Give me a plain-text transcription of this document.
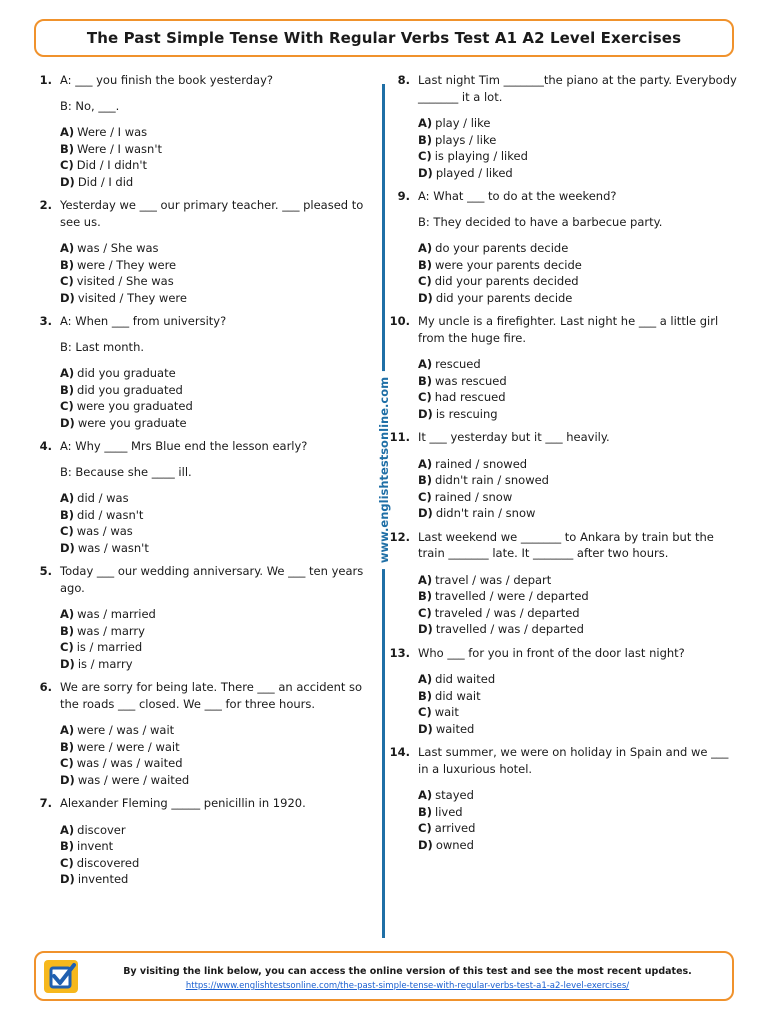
The Past Simple Tense With Regular Verbs Test A1 A2 Level Exercises
1. A: ___ you finish the book yesterday?
B: No, ___.
A) Were / I was
B) Were / I wasn't
C) Did / I didn't
D) Did / I did
2. Yesterday we ___ our primary teacher. ___ pleased to see us.
A) was / She was
B) were / They were
C) visited / She was
D) visited / They were
3. A: When ___ from university?
B: Last month.
A) did you graduate
B) did you graduated
C) were you graduated
D) were you graduate
4. A: Why ____ Mrs Blue end the lesson early?
B: Because she ____ ill.
A) did / was
B) did / wasn't
C) was / was
D) was / wasn't
5. Today ___ our wedding anniversary. We ___ ten years ago.
A) was / married
B) was / marry
C) is / married
D) is / marry
6. We are sorry for being late. There ___ an accident so the roads ___ closed. We ___ for three hours.
A) were / was / wait
B) were / were / wait
C) was / was / waited
D) was / were / waited
7. Alexander Fleming _____ penicillin in 1920.
A) discover
B) invent
C) discovered
D) invented
www.englishtestsonline.com
8. Last night Tim _______the piano at the party. Everybody _______ it a lot.
A) play / like
B) plays / like
C) is playing / liked
D) played / liked
9. A: What ___ to do at the weekend?
B: They decided to have a barbecue party.
A) do your parents decide
B) were your parents decide
C) did your parents decided
D) did your parents decide
10. My uncle is a firefighter. Last night he ___ a little girl from the huge fire.
A) rescued
B) was rescued
C) had rescued
D) is rescuing
11. It ___ yesterday but it ___ heavily.
A) rained / snowed
B) didn't rain / snowed
C) rained / snow
D) didn't rain / snow
12. Last weekend we _______ to Ankara by train but the train _______ late. It _______ after two hours.
A) travel / was / depart
B) travelled / were / departed
C) traveled / was / departed
D) travelled / was / departed
13. Who ___ for you in front of the door last night?
A) did waited
B) did wait
C) wait
D) waited
14. Last summer, we were on holiday in Spain and we ___ in a luxurious hotel.
A) stayed
B) lived
C) arrived
D) owned
By visiting the link below, you can access the online version of this test and see the most recent updates.
https://www.englishtestsonline.com/the-past-simple-tense-with-regular-verbs-test-a1-a2-level-exercises/
